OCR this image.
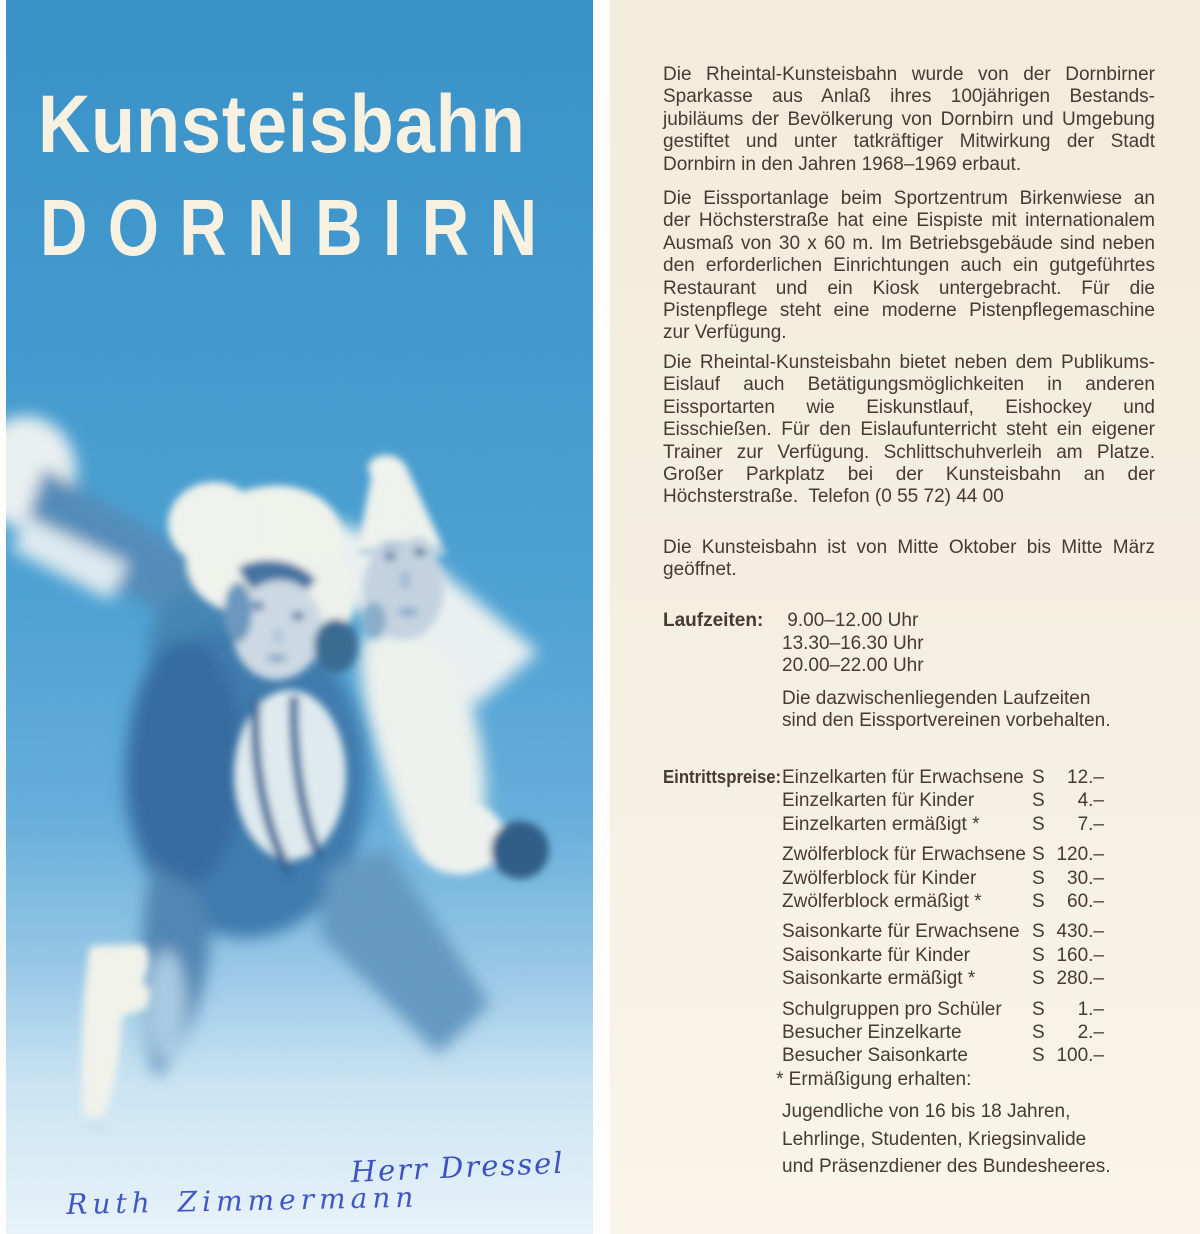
Kunsteisbahn
DORNBIRN
Herr Dressel
Ruth Zimmermann

Die Rheintal-Kunsteisbahn wurde von der Dornbirner Sparkasse aus Anlaß ihres 100jährigen Bestandsjubiläums der Bevölkerung von Dornbirn und Umgebung gestiftet und unter tatkräftiger Mitwirkung der Stadt Dornbirn in den Jahren 1968–1969 erbaut.

Die Eissportanlage beim Sportzentrum Birkenwiese an der Höchsterstraße hat eine Eispiste mit internationalem Ausmaß von 30 x 60 m. Im Betriebsgebäude sind neben den erforderlichen Einrichtungen auch ein gutgeführtes Restaurant und ein Kiosk untergebracht. Für die Pistenpflege steht eine moderne Pistenpflegemaschine zur Verfügung.

Die Rheintal-Kunsteisbahn bietet neben dem Publikums-Eislauf auch Betätigungsmöglichkeiten in anderen Eissportarten wie Eiskunstlauf, Eishockey und Eisschießen. Für den Eislaufunterricht steht ein eigener Trainer zur Verfügung. Schlittschuhverleih am Platze. Großer Parkplatz bei der Kunsteisbahn an der Höchsterstraße.  Telefon (0 55 72) 44 00

Die Kunsteisbahn ist von Mitte Oktober bis Mitte März geöffnet.

Laufzeiten: 9.00–12.00 Uhr
13.30–16.30 Uhr
20.00–22.00 Uhr
Die dazwischenliegenden Laufzeiten
sind den Eissportvereinen vorbehalten.
Eintrittspreise: Einzelkarten für Erwachsene S	12.–
Einzelkarten für Kinder	S	4.–
Einzelkarten ermäßigt *	S	7.–
Zwölferblock für Erwachsene S 120.–
Zwölferblock für Kinder	S	30.–
Zwölferblock ermäßigt *	S	60.–
Saisonkarte für Erwachsene S 430.–
Saisonkarte für Kinder	S 160.–
Saisonkarte ermäßigt *	S 280.–
Schulgruppen pro Schüler	S	1.–
Besucher Einzelkarte	S	2.–
Besucher Saisonkarte	S 100.–
* Ermäßigung erhalten:
Jugendliche von 16 bis 18 Jahren,
Lehrlinge, Studenten, Kriegsinvalide
und Präsenzdiener des Bundesheeres.
